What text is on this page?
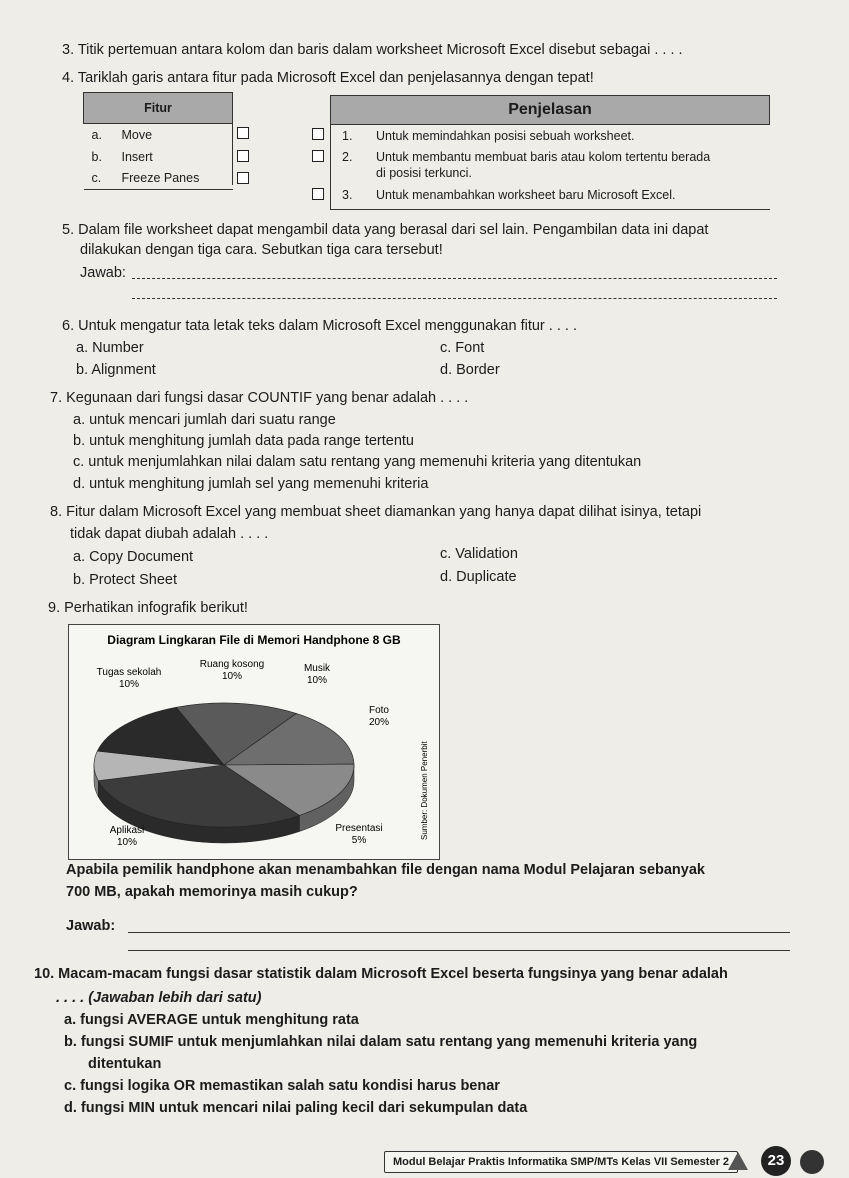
3. Titik pertemuan antara kolom dan baris dalam worksheet Microsoft Excel disebut sebagai . . . .
4. Tariklah garis antara fitur pada Microsoft Excel dan penjelasannya dengan tepat!
Fitur	
a.	Move
b.	Insert
c.	Freeze Panes
Penjelasan
1. Untuk memindahkan posisi sebuah worksheet.
2. Untuk membantu membuat baris atau kolom tertentu berada
di posisi terkunci.
3. Untuk menambahkan worksheet baru Microsoft Excel.
5. Dalam file worksheet dapat mengambil data yang berasal dari sel lain. Pengambilan data ini dapat
dilakukan dengan tiga cara. Sebutkan tiga cara tersebut!
Jawab:
6. Untuk mengatur tata letak teks dalam Microsoft Excel menggunakan fitur . . . .
a. Number	c. Font
b. Alignment	d. Border
7. Kegunaan dari fungsi dasar COUNTIF yang benar adalah . . . .
a. untuk mencari jumlah dari suatu range
b. untuk menghitung jumlah data pada range tertentu
c. untuk menjumlahkan nilai dalam satu rentang yang memenuhi kriteria yang ditentukan
d. untuk menghitung jumlah sel yang memenuhi kriteria
8. Fitur dalam Microsoft Excel yang membuat sheet diamankan yang hanya dapat dilihat isinya, tetapi
tidak dapat diubah adalah . . . .
a. Copy Document	c. Validation
b. Protect Sheet	d. Duplicate
9. Perhatikan infografik berikut!
Diagram Lingkaran File di Memori Handphone 8 GB
Tugas sekolah
10%
Ruang kosong
10%
Musik
10%
Foto
20%
Presentasi
5%
Aplikasi
10%
Sumber: Dokumen Penerbit
Apabila pemilik handphone akan menambahkan file dengan nama Modul Pelajaran sebanyak
700 MB, apakah memorinya masih cukup?
Jawab:
10. Macam-macam fungsi dasar statistik dalam Microsoft Excel beserta fungsinya yang benar adalah
. . . . (Jawaban lebih dari satu)
a. fungsi AVERAGE untuk menghitung rata
b. fungsi SUMIF untuk menjumlahkan nilai dalam satu rentang yang memenuhi kriteria yang
ditentukan
c. fungsi logika OR memastikan salah satu kondisi harus benar
d. fungsi MIN untuk mencari nilai paling kecil dari sekumpulan data
Modul Belajar Praktis Informatika SMP/MTs Kelas VII Semester 2	23
